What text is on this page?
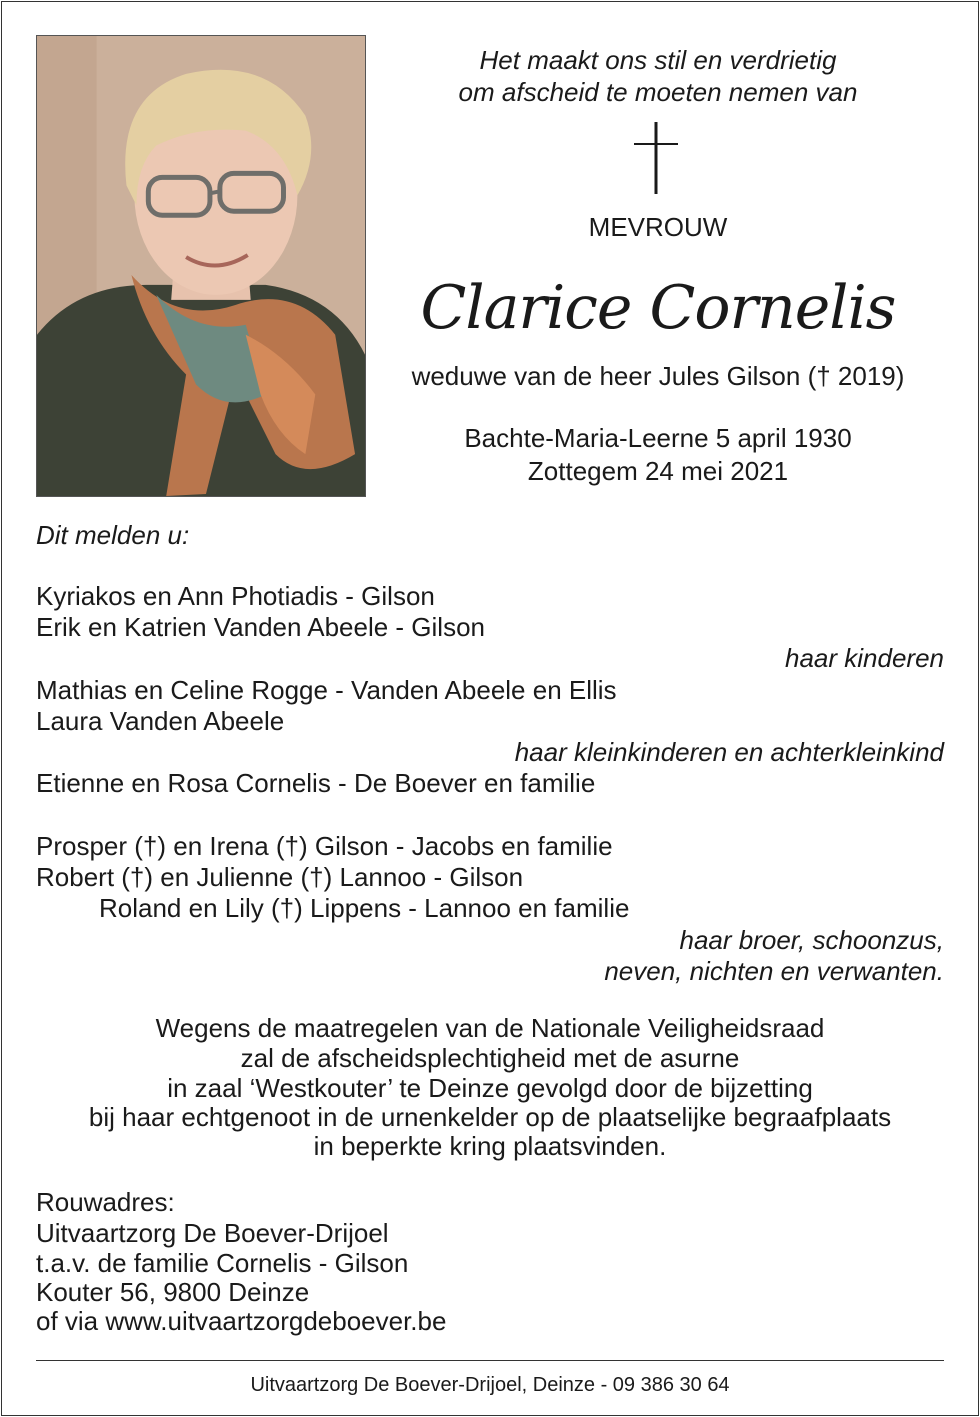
Het maakt ons stil en verdrietig
om afscheid te moeten nemen van
MEVROUW
Clarice Cornelis
weduwe van de heer Jules Gilson († 2019)
Bachte-Maria-Leerne 5 april 1930
Zottegem 24 mei 2021
Dit melden u:
Kyriakos en Ann Photiadis - Gilson
Erik en Katrien Vanden Abeele - Gilson
haar kinderen
Mathias en Celine Rogge - Vanden Abeele en Ellis
Laura Vanden Abeele
haar kleinkinderen en achterkleinkind
Etienne en Rosa Cornelis - De Boever en familie
Prosper (†) en Irena (†) Gilson - Jacobs en familie
Robert (†) en Julienne (†) Lannoo - Gilson
Roland en Lily (†) Lippens - Lannoo en familie
haar broer, schoonzus,
neven, nichten en verwanten.
Wegens de maatregelen van de Nationale Veiligheidsraad
zal de afscheidsplechtigheid met de asurne
in zaal ‘Westkouter’ te Deinze gevolgd door de bijzetting
bij haar echtgenoot in de urnenkelder op de plaatselijke begraafplaats
in beperkte kring plaatsvinden.
Rouwadres:
Uitvaartzorg De Boever-Drijoel
t.a.v. de familie Cornelis - Gilson
Kouter 56, 9800 Deinze
of via www.uitvaartzorgdeboever.be
Uitvaartzorg De Boever-Drijoel, Deinze - 09 386 30 64
